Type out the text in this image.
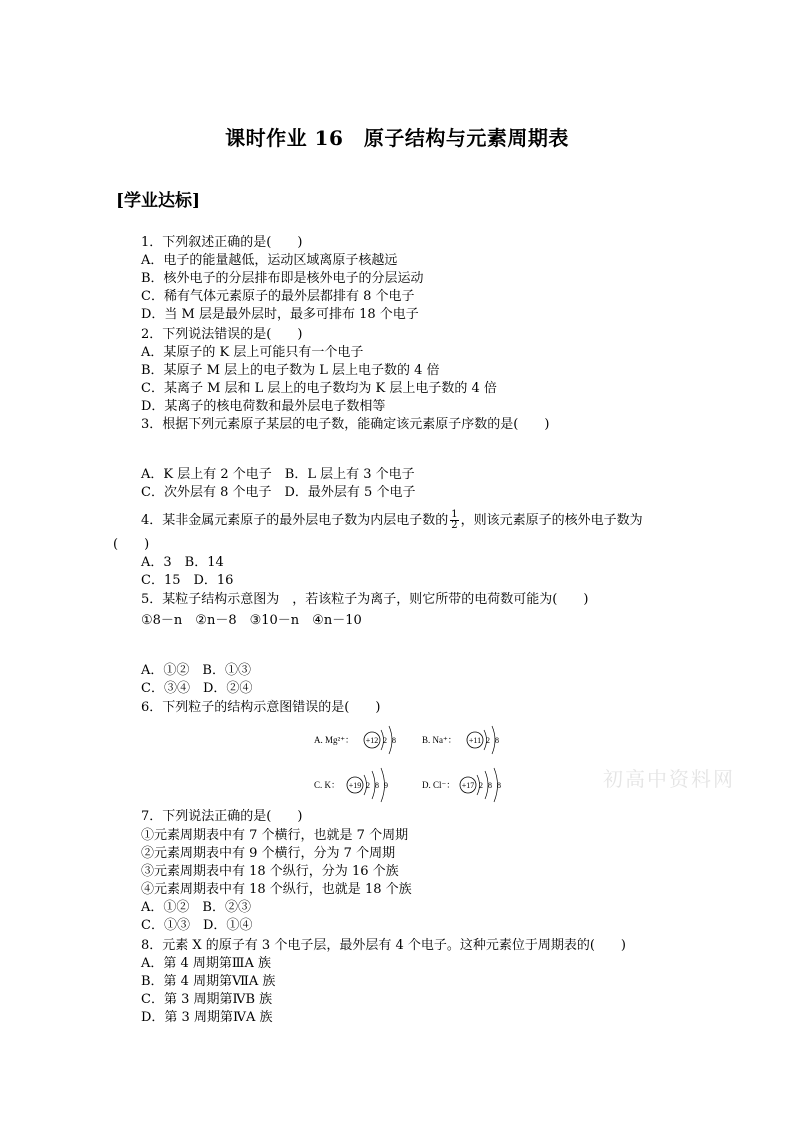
课时作业 16　原子结构与元素周期表
[学业达标]
1．下列叙述正确的是(　　)
A．电子的能量越低，运动区域离原子核越远
B．核外电子的分层排布即是核外电子的分层运动
C．稀有气体元素原子的最外层都排有 8 个电子
D．当 M 层是最外层时，最多可排布 18 个电子
2．下列说法错误的是(　　)
A．某原子的 K 层上可能只有一个电子
B．某原子 M 层上的电子数为 L 层上电子数的 4 倍
C．某离子 M 层和 L 层上的电子数均为 K 层上电子数的 4 倍
D．某离子的核电荷数和最外层电子数相等
3．根据下列元素原子某层的电子数，能确定该元素原子序数的是(　　)
A．K 层上有 2 个电子　B．L 层上有 3 个电子
C．次外层有 8 个电子　D．最外层有 5 个电子
4．某非金属元素原子的最外层电子数为内层电子数的 $\frac{1}{2}$ ，则该元素原子的核外电子数为
(　　)
A．3　B．14
C．15　D．16
5．某粒子结构示意图为　，若该粒子为离子，则它所带的电荷数可能为(　　)
①8－n　②n－8　③10－n　④n－10
A．①②　B．①③
C．③④　D．②④
6．下列粒子的结构示意图错误的是(　　)
A. Mg²⁺： +12 2 8	B. Na⁺： +11 2 8
C. K： +19 2 8 9	D. Cl⁻： +17 2 8 8	初高中资料网
7．下列说法正确的是(　　)
①元素周期表中有 7 个横行，也就是 7 个周期
②元素周期表中有 9 个横行，分为 7 个周期
③元素周期表中有 18 个纵行，分为 16 个族
④元素周期表中有 18 个纵行，也就是 18 个族
A．①②　B．②③
C．①③　D．①④
8．元素 X 的原子有 3 个电子层，最外层有 4 个电子。这种元素位于周期表的(　　)
A．第 4 周期第ⅢA 族
B．第 4 周期第ⅦA 族
C．第 3 周期第ⅣB 族
D．第 3 周期第ⅣA 族
